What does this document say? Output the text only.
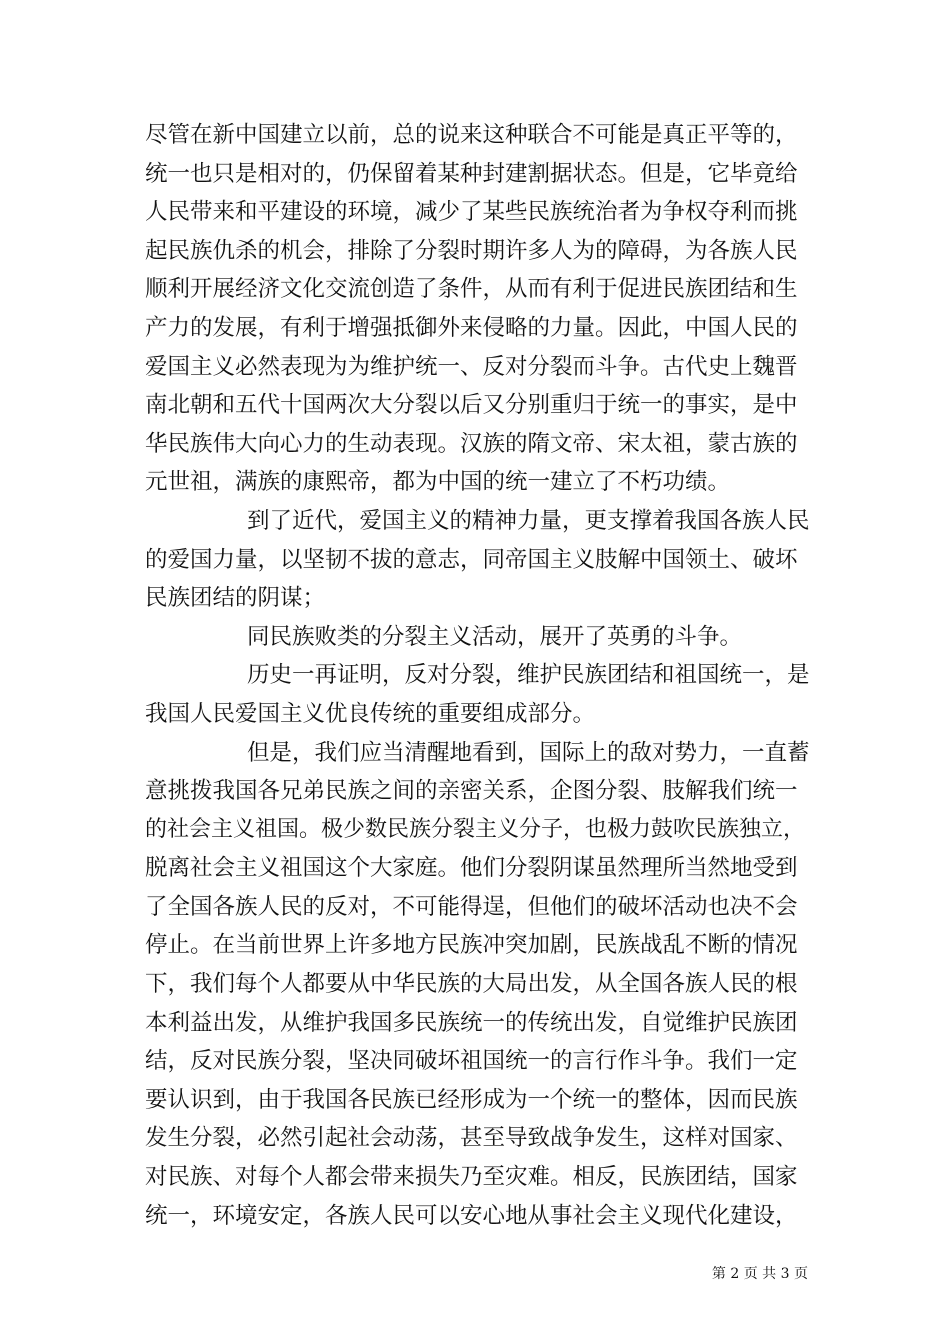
尽管在新中国建立以前，总的说来这种联合不可能是真正平等的，
统一也只是相对的，仍保留着某种封建割据状态。但是，它毕竟给
人民带来和平建设的环境，减少了某些民族统治者为争权夺利而挑
起民族仇杀的机会，排除了分裂时期许多人为的障碍，为各族人民
顺利开展经济文化交流创造了条件，从而有利于促进民族团结和生
产力的发展，有利于增强抵御外来侵略的力量。因此，中国人民的
爱国主义必然表现为为维护统一、反对分裂而斗争。古代史上魏晋
南北朝和五代十国两次大分裂以后又分别重归于统一的事实，是中
华民族伟大向心力的生动表现。汉族的隋文帝、宋太祖，蒙古族的
元世祖，满族的康熙帝，都为中国的统一建立了不朽功绩。
到了近代，爱国主义的精神力量，更支撑着我国各族人民
的爱国力量，以坚韧不拔的意志，同帝国主义肢解中国领土、破坏
民族团结的阴谋；
同民族败类的分裂主义活动，展开了英勇的斗争。
历史一再证明，反对分裂，维护民族团结和祖国统一，是
我国人民爱国主义优良传统的重要组成部分。
但是，我们应当清醒地看到，国际上的敌对势力，一直蓄
意挑拨我国各兄弟民族之间的亲密关系，企图分裂、肢解我们统一
的社会主义祖国。极少数民族分裂主义分子，也极力鼓吹民族独立，
脱离社会主义祖国这个大家庭。他们分裂阴谋虽然理所当然地受到
了全国各族人民的反对，不可能得逞，但他们的破坏活动也决不会
停止。在当前世界上许多地方民族冲突加剧，民族战乱不断的情况
下，我们每个人都要从中华民族的大局出发，从全国各族人民的根
本利益出发，从维护我国多民族统一的传统出发，自觉维护民族团
结，反对民族分裂，坚决同破坏祖国统一的言行作斗争。我们一定
要认识到，由于我国各民族已经形成为一个统一的整体，因而民族
发生分裂，必然引起社会动荡，甚至导致战争发生，这样对国家、
对民族、对每个人都会带来损失乃至灾难。相反，民族团结，国家
统一，环境安定，各族人民可以安心地从事社会主义现代化建设，
第 2 页 共 3 页
